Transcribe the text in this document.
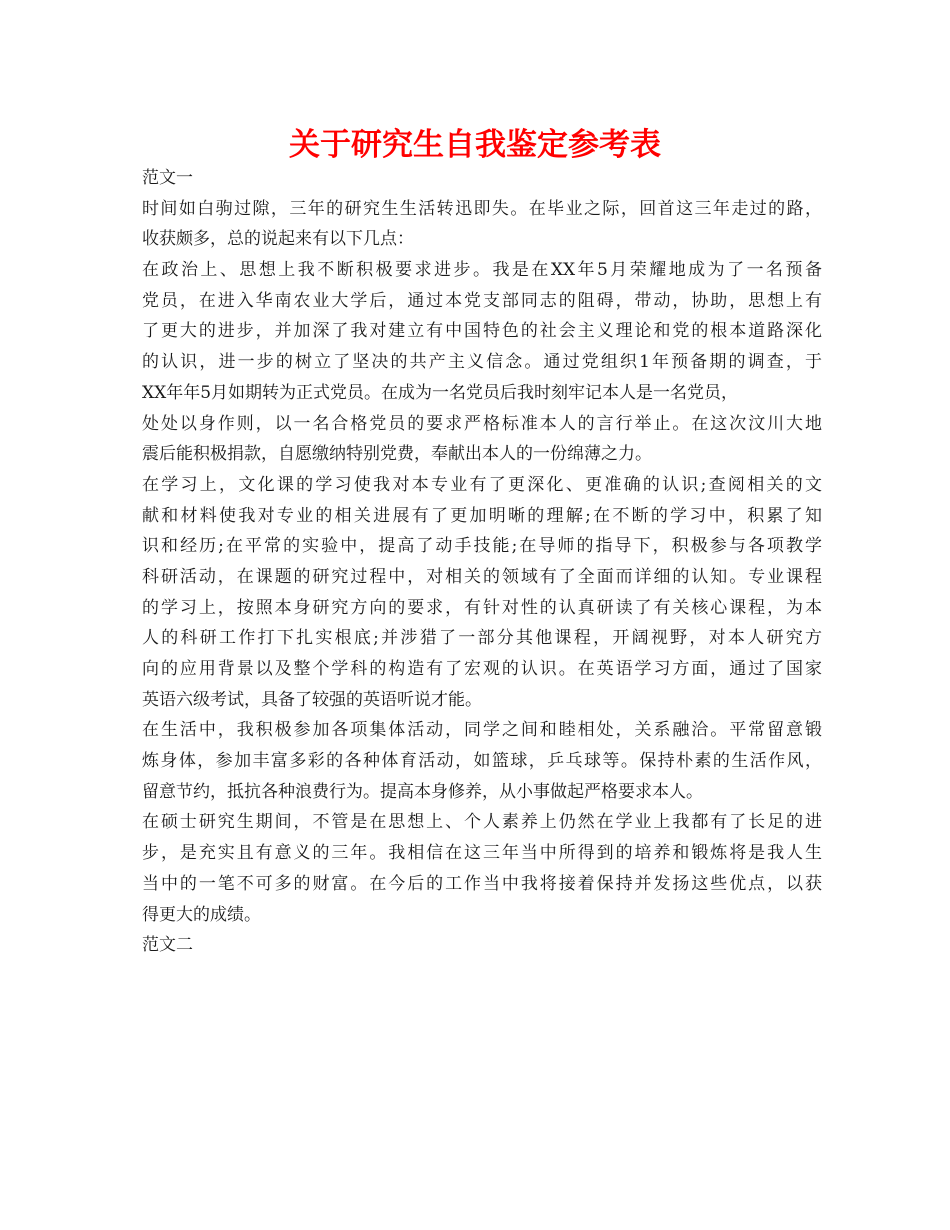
关于研究生自我鉴定参考表
范文一
时间如白驹过隙，三年的研究生生活转迅即失。在毕业之际，回首这三年走过的路，
收获颇多，总的说起来有以下几点：
在政治上、思想上我不断积极要求进步。我是在XX年5月荣耀地成为了一名预备
党员，在进入华南农业大学后，通过本党支部同志的阻碍，带动，协助，思想上有
了更大的进步，并加深了我对建立有中国特色的社会主义理论和党的根本道路深化
的认识，进一步的树立了坚决的共产主义信念。通过党组织1年预备期的调查，于
XX年年5月如期转为正式党员。在成为一名党员后我时刻牢记本人是一名党员，
处处以身作则，以一名合格党员的要求严格标准本人的言行举止。在这次汶川大地
震后能积极捐款，自愿缴纳特别党费，奉献出本人的一份绵薄之力。
在学习上，文化课的学习使我对本专业有了更深化、更准确的认识;查阅相关的文
献和材料使我对专业的相关进展有了更加明晰的理解;在不断的学习中，积累了知
识和经历;在平常的实验中，提高了动手技能;在导师的指导下，积极参与各项教学
科研活动，在课题的研究过程中，对相关的领域有了全面而详细的认知。专业课程
的学习上，按照本身研究方向的要求，有针对性的认真研读了有关核心课程，为本
人的科研工作打下扎实根底;并涉猎了一部分其他课程，开阔视野，对本人研究方
向的应用背景以及整个学科的构造有了宏观的认识。在英语学习方面，通过了国家
英语六级考试，具备了较强的英语听说才能。
在生活中，我积极参加各项集体活动，同学之间和睦相处，关系融洽。平常留意锻
炼身体，参加丰富多彩的各种体育活动，如篮球，乒乓球等。保持朴素的生活作风，
留意节约，抵抗各种浪费行为。提高本身修养，从小事做起严格要求本人。
在硕士研究生期间，不管是在思想上、个人素养上仍然在学业上我都有了长足的进
步，是充实且有意义的三年。我相信在这三年当中所得到的培养和锻炼将是我人生
当中的一笔不可多的财富。在今后的工作当中我将接着保持并发扬这些优点，以获
得更大的成绩。
范文二
